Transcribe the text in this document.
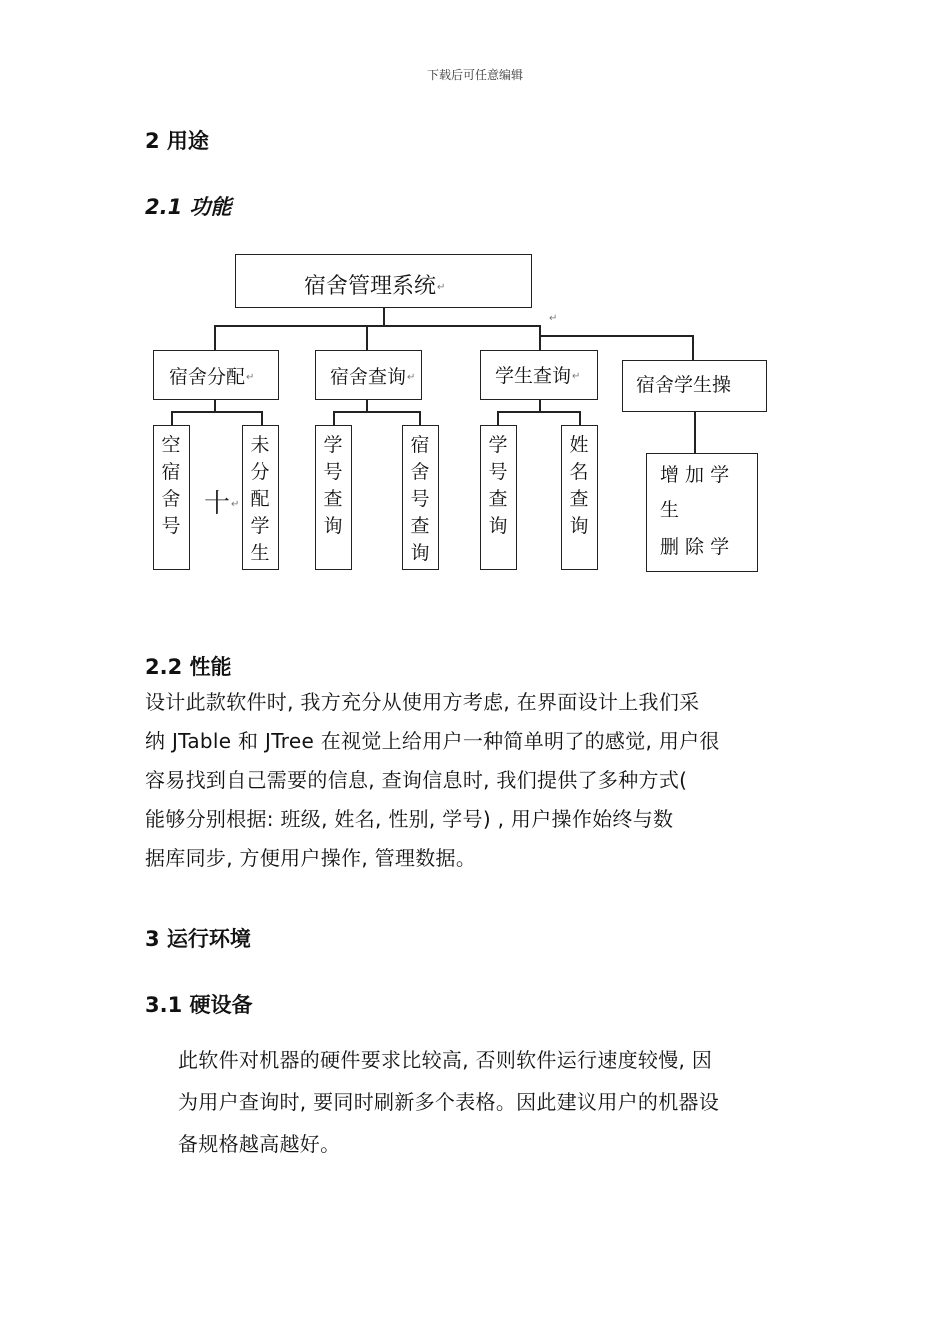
下载后可任意编辑
2 用途
2.1 功能
宿舍管理系统↵
↵
宿舍分配↵	宿舍查询↵	学生查询↵	宿舍学生操
空宿舍号
未分配学生
十↵
学号查询
宿舍号查询
学号查询
姓名查询
增 加 学
生
删 除 学
2.2 性能
设计此款软件时, 我方充分从使用方考虑, 在界面设计上我们采
纳 JTable 和 JTree 在视觉上给用户一种简单明了的感觉, 用户很
容易找到自己需要的信息, 查询信息时, 我们提供了多种方式(
能够分别根据: 班级, 姓名, 性别, 学号) , 用户操作始终与数
据库同步, 方便用户操作, 管理数据。
3 运行环境
3.1 硬设备
此软件对机器的硬件要求比较高, 否则软件运行速度较慢, 因
为用户查询时, 要同时刷新多个表格。因此建议用户的机器设
备规格越高越好。
